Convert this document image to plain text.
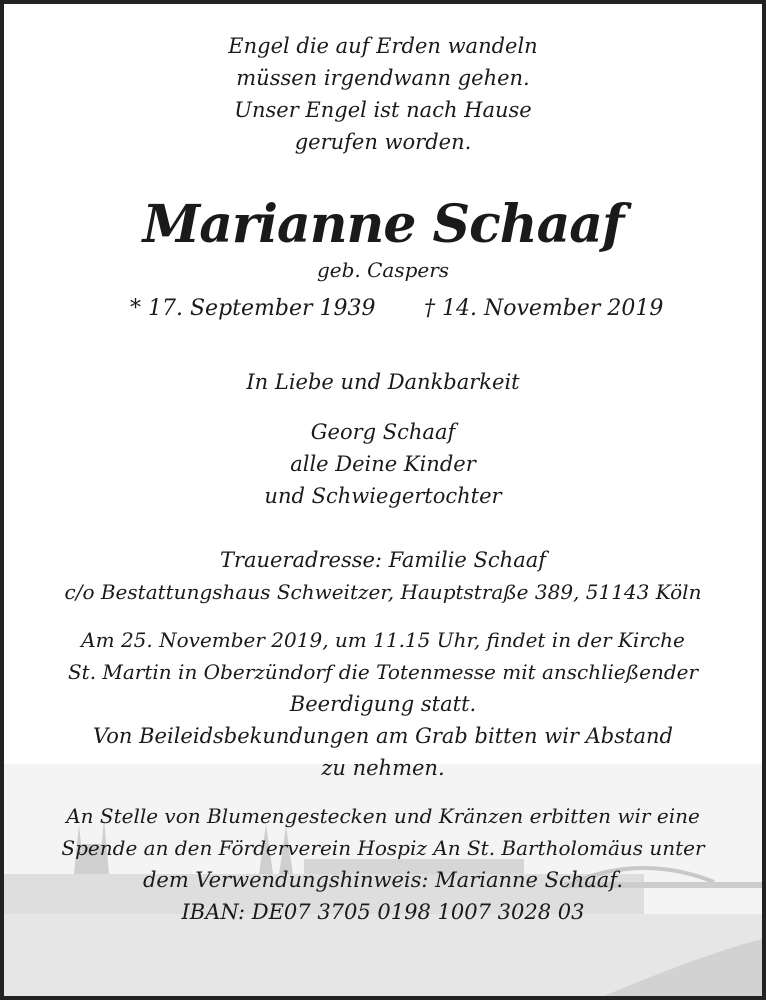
Engel die auf Erden wandeln
müssen irgendwann gehen.
Unser Engel ist nach Hause
gerufen worden.
Marianne Schaaf
geb. Caspers
* 17. September 1939 † 14. November 2019
In Liebe und Dankbarkeit
Georg Schaaf
alle Deine Kinder
und Schwiegertochter
Traueradresse: Familie Schaaf
c/o Bestattungshaus Schweitzer, Hauptstraße 389, 51143 Köln
Am 25. November 2019, um 11.15 Uhr, findet in der Kirche
St. Martin in Oberzündorf die Totenmesse mit anschließender
Beerdigung statt.
Von Beileidsbekundungen am Grab bitten wir Abstand
zu nehmen.
An Stelle von Blumengestecken und Kränzen erbitten wir eine
Spende an den Förderverein Hospiz An St. Bartholomäus unter
dem Verwendungshinweis: Marianne Schaaf.
IBAN: DE07 3705 0198 1007 3028 03
